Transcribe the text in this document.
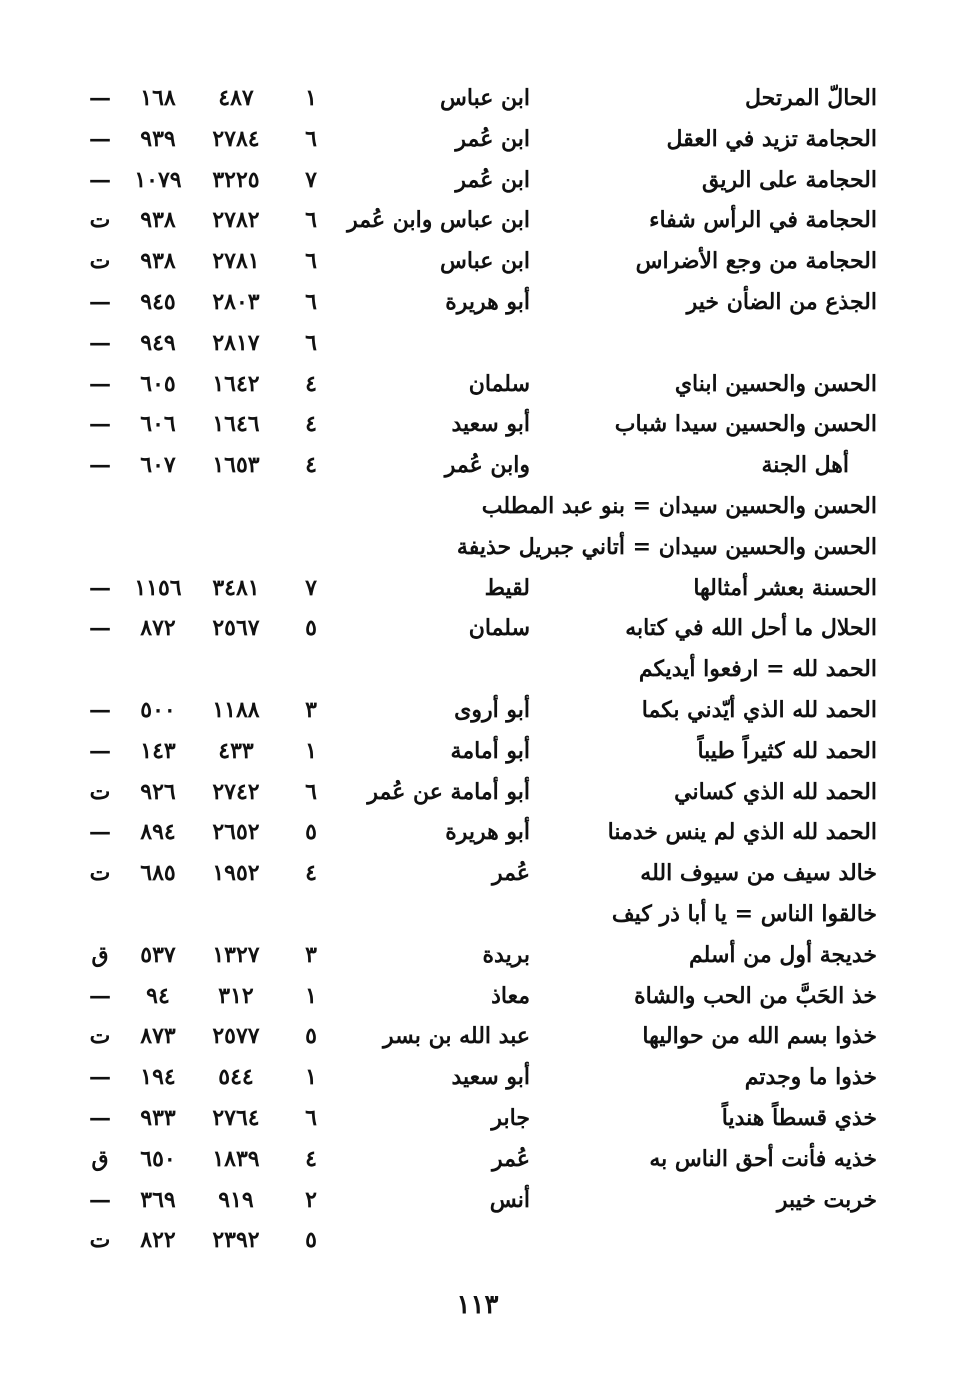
الحالّ المرتحل
ابن عباس
١
٤٨٧
١٦٨
—
الحجامة تزيد في العقل
ابن عُمر
٦
٢٧٨٤
٩٣٩
—
الحجامة على الريق
ابن عُمر
٧
٣٢٢٥
١٠٧٩
—
الحجامة في الرأس شفاء
ابن عباس وابن عُمر
٦
٢٧٨٢
٩٣٨
ت
الحجامة من وجع الأضراس
ابن عباس
٦
٢٧٨١
٩٣٨
ت
الجذع من الضأن خير
أبو هريرة
٦
٢٨٠٣
٩٤٥
—
٦
٢٨١٧
٩٤٩
—
الحسن والحسين ابناي
سلمان
٤
١٦٤٢
٦٠٥
—
الحسن والحسين سيدا شباب
أبو سعيد
٤
١٦٤٦
٦٠٦
—
أهل الجنة
وابن عُمر
٤
١٦٥٣
٦٠٧
—
الحسن والحسين سيدان = بنو عبد المطلب
الحسن والحسين سيدان = أتاني جبريل حذيفة
الحسنة بعشر أمثالها
لقيط
٧
٣٤٨١
١١٥٦
—
الحلال ما أحل الله في كتابه
سلمان
٥
٢٥٦٧
٨٧٢
—
الحمد لله = ارفعوا أيديكم
الحمد لله الذي أيّدني بكما
أبو أروى
٣
١١٨٨
٥٠٠
—
الحمد لله كثيراً طيباً
أبو أمامة
١
٤٣٣
١٤٣
—
الحمد لله الذي كساني
أبو أمامة عن عُمر
٦
٢٧٤٢
٩٢٦
ت
الحمد لله الذي لم ينس خدمنا
أبو هريرة
٥
٢٦٥٢
٨٩٤
—
خالد سيف من سيوف الله
عُمر
٤
١٩٥٢
٦٨٥
ت
خالقوا الناس = يا أبا ذر كيف
خديجة أول من أسلم
بريدة
٣
١٣٢٧
٥٣٧
ق
خذ الحَبَّ من الحب والشاة
معاذ
١
٣١٢
٩٤
—
خذوا بسم الله من حواليها
عبد الله بن بسر
٥
٢٥٧٧
٨٧٣
ت
خذوا ما وجدتم
أبو سعيد
١
٥٤٤
١٩٤
—
خذي قسطاً هندياً
جابر
٦
٢٧٦٤
٩٣٣
—
خذيه فأنت أحق الناس به
عُمر
٤
١٨٣٩
٦٥٠
ق
خربت خيبر
أنس
٢
٩١٩
٣٦٩
—
٥
٢٣٩٢
٨٢٢
ت
١١٣
